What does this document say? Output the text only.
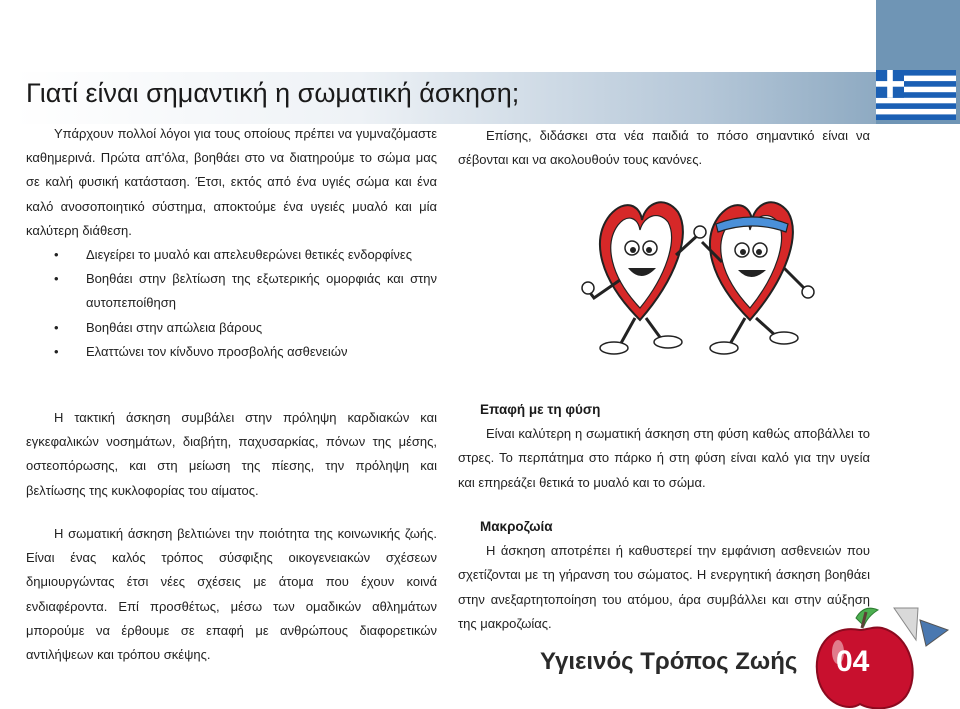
Γιατί είναι σημαντική η σωματική άσκηση;

Υπάρχουν πολλοί λόγοι για τους οποίους πρέπει να γυμναζόμαστε καθημερινά. Πρώτα απ'όλα, βοηθάει στο να διατηρούμε το σώμα μας σε καλή φυσική κατάσταση. Έτσι, εκτός από ένα υγιές σώμα και ένα καλό ανοσοποιητικό σύστημα, αποκτούμε ένα υγειές μυαλό και μία καλύτερη διάθεση.

• Διεγείρει το μυαλό και απελευθερώνει θετικές ενδορφίνες
• Βοηθάει στην βελτίωση της εξωτερικής ομορφιάς και στην αυτοπεποίθηση
• Βοηθάει στην απώλεια βάρους
• Ελαττώνει τον κίνδυνο προσβολής ασθενειών

Η τακτική άσκηση συμβάλει στην πρόληψη καρδιακών και εγκεφαλικών νοσημάτων, διαβήτη, παχυσαρκίας, πόνων της μέσης, οστεοπόρωσης, και στη μείωση της πίεσης, την πρόληψη και βελτίωσης της κυκλοφορίας του αίματος.

Η σωματική άσκηση βελτιώνει την ποιότητα της κοινωνικής ζωής. Είναι ένας καλός τρόπος σύσφιξης οικογενειακών σχέσεων δημιουργώντας έτσι νέες σχέσεις με άτομα που έχουν κοινά ενδιαφέροντα. Επί προσθέτως, μέσω των ομαδικών αθλημάτων μπορούμε να έρθουμε σε επαφή με ανθρώπους διαφορετικών αντιλήψεων και τρόπου σκέψης.

Επίσης, διδάσκει στα νέα παιδιά το πόσο σημαντικό είναι να σέβονται και να ακολουθούν τους κανόνες.

Επαφή με τη φύση

Είναι καλύτερη η σωματική άσκηση στη φύση καθώς αποβάλλει το στρες. Το περπάτημα στο πάρκο ή στη φύση είναι καλό για την υγεία και επηρεάζει θετικά το μυαλό και το σώμα.

Μακροζωία

Η άσκηση αποτρέπει ή καθυστερεί την εμφάνιση ασθενειών που σχετίζονται με τη γήρανση του σώματος. Η ενεργητική άσκηση βοηθάει στην ανεξαρτητοποίηση του ατόμου, άρα συμβάλλει και στην αύξηση της μακροζωίας.

Υγιεινός Τρόπος Ζωής 04
